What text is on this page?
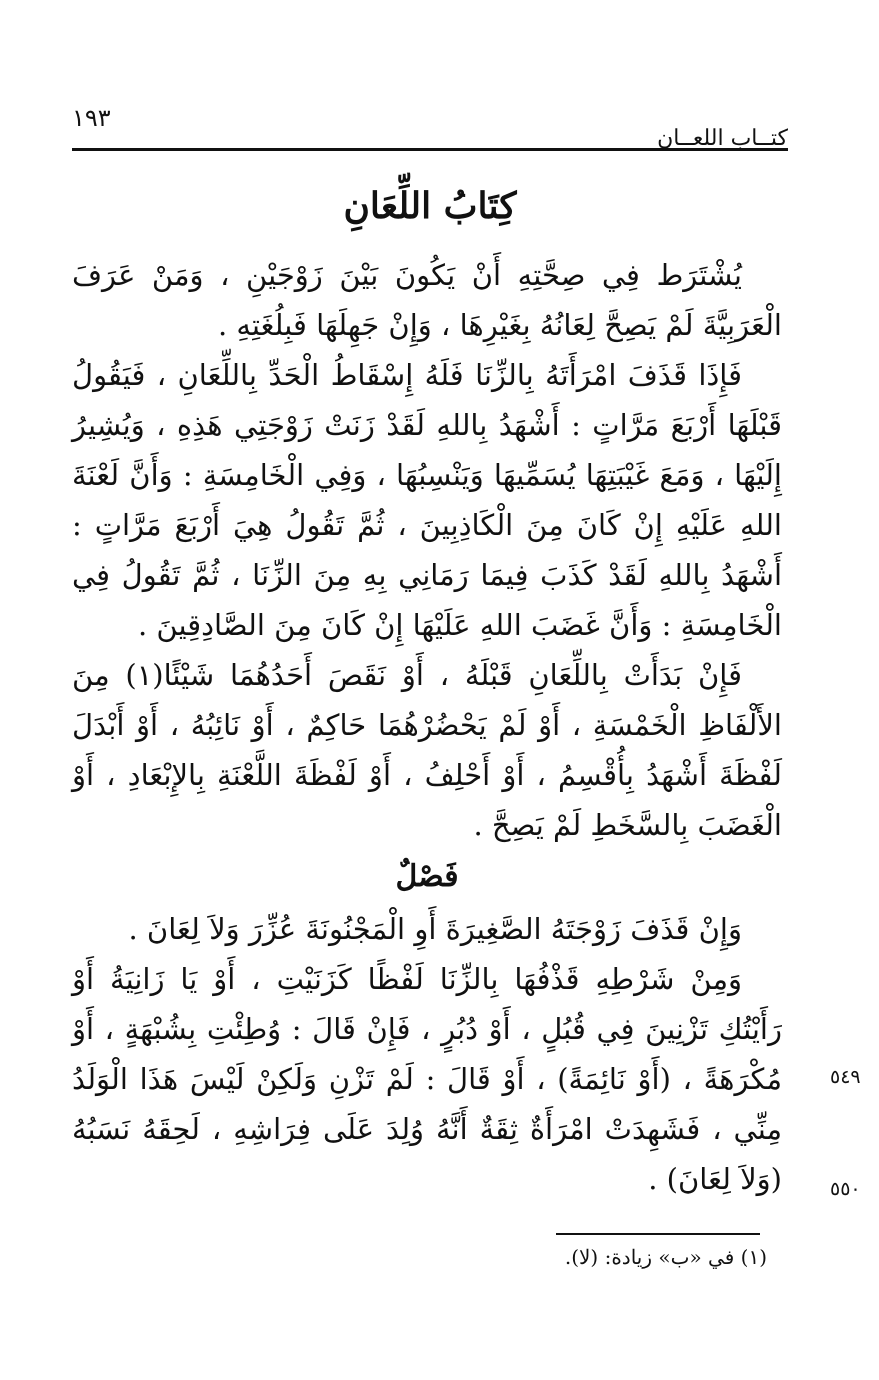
كتــاب اللعــان
١٩٣
كِتَابُ اللِّعَانِ

يُشْتَرَط فِي صِحَّتِهِ أَنْ يَكُونَ بَيْنَ زَوْجَيْنِ ، وَمَنْ عَرَفَ الْعَرَبِيَّةَ لَمْ يَصِحَّ لِعَانُهُ بِغَيْرِهَا ، وَإِنْ جَهِلَهَا فَبِلُغَتِهِ .

فَإِذَا قَذَفَ امْرَأَتَهُ بِالزِّنَا فَلَهُ إِسْقَاطُ الْحَدِّ بِاللِّعَانِ ، فَيَقُولُ قَبْلَهَا أَرْبَعَ مَرَّاتٍ : أَشْهَدُ بِاللهِ لَقَدْ زَنَتْ زَوْجَتِي هَذِهِ ، وَيُشِيرُ إِلَيْهَا ، وَمَعَ غَيْبَتِهَا يُسَمِّيهَا وَيَنْسِبُهَا ، وَفِي الْخَامِسَةِ : وَأَنَّ لَعْنَةَ اللهِ عَلَيْهِ إِنْ كَانَ مِنَ الْكَاذِبِينَ ، ثُمَّ تَقُولُ هِيَ أَرْبَعَ مَرَّاتٍ : أَشْهَدُ بِاللهِ لَقَدْ كَذَبَ فِيمَا رَمَانِي بِهِ مِنَ الزِّنَا ، ثُمَّ تَقُولُ فِي الْخَامِسَةِ : وَأَنَّ غَضَبَ اللهِ عَلَيْهَا إِنْ كَانَ مِنَ الصَّادِقِينَ .

فَإِنْ بَدَأَتْ بِاللِّعَانِ قَبْلَهُ ، أَوْ نَقَصَ أَحَدُهُمَا شَيْئًا(١) مِنَ الأَلْفَاظِ الْخَمْسَةِ ، أَوْ لَمْ يَحْضُرْهُمَا حَاكِمٌ ، أَوْ نَائِبُهُ ، أَوْ أَبْدَلَ لَفْظَةَ أَشْهَدُ بِأُقْسِمُ ، أَوْ أَحْلِفُ ، أَوْ لَفْظَةَ اللَّعْنَةِ بِالإِبْعَادِ ، أَوْ الْغَضَبَ بِالسَّخَطِ لَمْ يَصِحَّ .

فَصْلٌ

وَإِنْ قَذَفَ زَوْجَتَهُ الصَّغِيرَةَ أَوِ الْمَجْنُونَةَ عُزِّرَ وَلاَ لِعَانَ .

وَمِنْ شَرْطِهِ قَذْفُهَا بِالزِّنَا لَفْظًا كَزَنَيْتِ ، أَوْ يَا زَانِيَةُ أَوْ رَأَيْتُكِ تَزْنِينَ فِي قُبُلٍ ، أَوْ دُبُرٍ ، فَإِنْ قَالَ : وُطِئْتِ بِشُبْهَةٍ ، أَوْ مُكْرَهَةً ، (أَوْ نَائِمَةً) ، أَوْ قَالَ : لَمْ تَزْنِ وَلَكِنْ لَيْسَ هَذَا الْوَلَدُ مِنِّي ، فَشَهِدَتْ امْرَأَةٌ ثِقَةٌ أَنَّهُ وُلِدَ عَلَى فِرَاشِهِ ، لَحِقَهُ نَسَبُهُ (وَلاَ لِعَانَ) .

٥٤٩
٥٥٠
(١) في «ب» زيادة: (لا).
